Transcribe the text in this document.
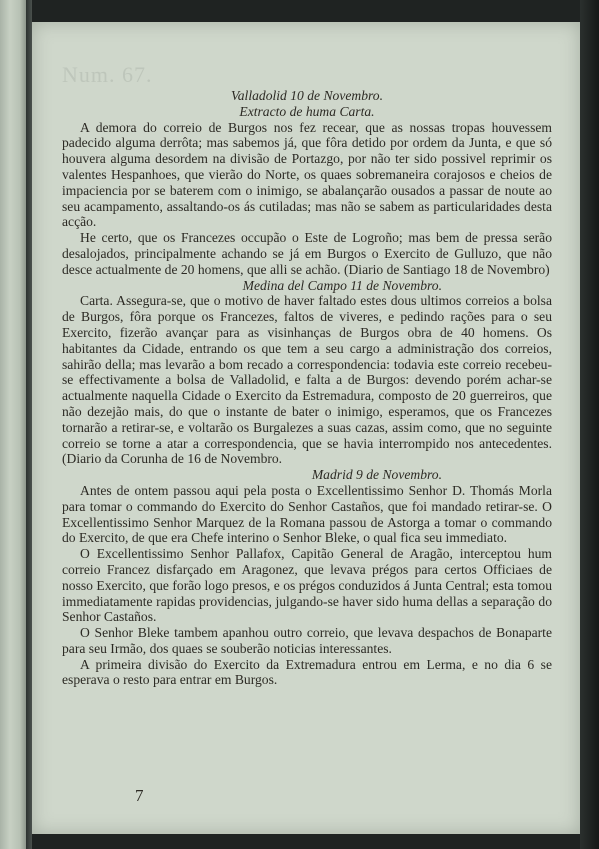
Num. 67.
Valladolid 10 de Novembro.
Extracto de huma Carta.

A demora do correio de Burgos nos fez recear, que as nossas tropas houvessem padecido alguma derrôta; mas sabemos já, que fôra detido por ordem da Junta, e que só houvera alguma desordem na divisão de Portazgo, por não ter sido possivel reprimir os valentes Hespanhoes, que vierão do Norte, os quaes sobremaneira corajosos e cheios de impaciencia por se baterem com o inimigo, se abalançarão ousados a passar de noute ao seu acampamento, assaltando-os ás cutiladas; mas não se sabem as particularidades desta acção.

He certo, que os Francezes occupão o Este de Logroño; mas bem de pressa serão desalojados, principalmente achando se já em Burgos o Exercito de Gulluzo, que não desce actualmente de 20 homens, que alli se achão. (Diario de Santiago 18 de Novembro)

Medina del Campo 11 de Novembro.

Carta. Assegura-se, que o motivo de haver faltado estes dous ultimos correios a bolsa de Burgos, fôra porque os Francezes, faltos de viveres, e pedindo rações para o seu Exercito, fizerão avançar para as visinhanças de Burgos obra de 40 homens. Os habitantes da Cidade, entrando os que tem a seu cargo a administração dos correios, sahirão della; mas levarão a bom recado a correspondencia: todavia este correio recebeu-se effectivamente a bolsa de Valladolid, e falta a de Burgos: devendo porém achar-se actualmente naquella Cidade o Exercito da Estremadura, composto de 20 guerreiros, que não dezejão mais, do que o instante de bater o inimigo, esperamos, que os Francezes tornarão a retirar-se, e voltarão os Burgalezes a suas cazas, assim como, que no seguinte correio se torne a atar a correspondencia, que se havia interrompido nos antecedentes. (Diario da Corunha de 16 de Novembro.

Madrid 9 de Novembro.

Antes de ontem passou aqui pela posta o Excellentissimo Senhor D. Thomás Morla para tomar o commando do Exercito do Senhor Castaños, que foi mandado retirar-se. O Excellentissimo Senhor Marquez de la Romana passou de Astorga a tomar o commando do Exercito, de que era Chefe interino o Senhor Bleke, o qual fica seu immediato.

O Excellentissimo Senhor Pallafox, Capitão General de Aragão, interceptou hum correio Francez disfarçado em Aragonez, que levava prégos para certos Officiaes de nosso Exercito, que forão logo presos, e os prégos conduzidos á Junta Central; esta tomou immediatamente rapidas providencias, julgando-se haver sido huma dellas a separação do Senhor Castaños.

O Senhor Bleke tambem apanhou outro correio, que levava despachos de Bonaparte para seu Irmão, dos quaes se souberão noticias interessantes.

A primeira divisão do Exercito da Extremadura entrou em Lerma, e no dia 6 se esperava o resto para entrar em Burgos.

7
